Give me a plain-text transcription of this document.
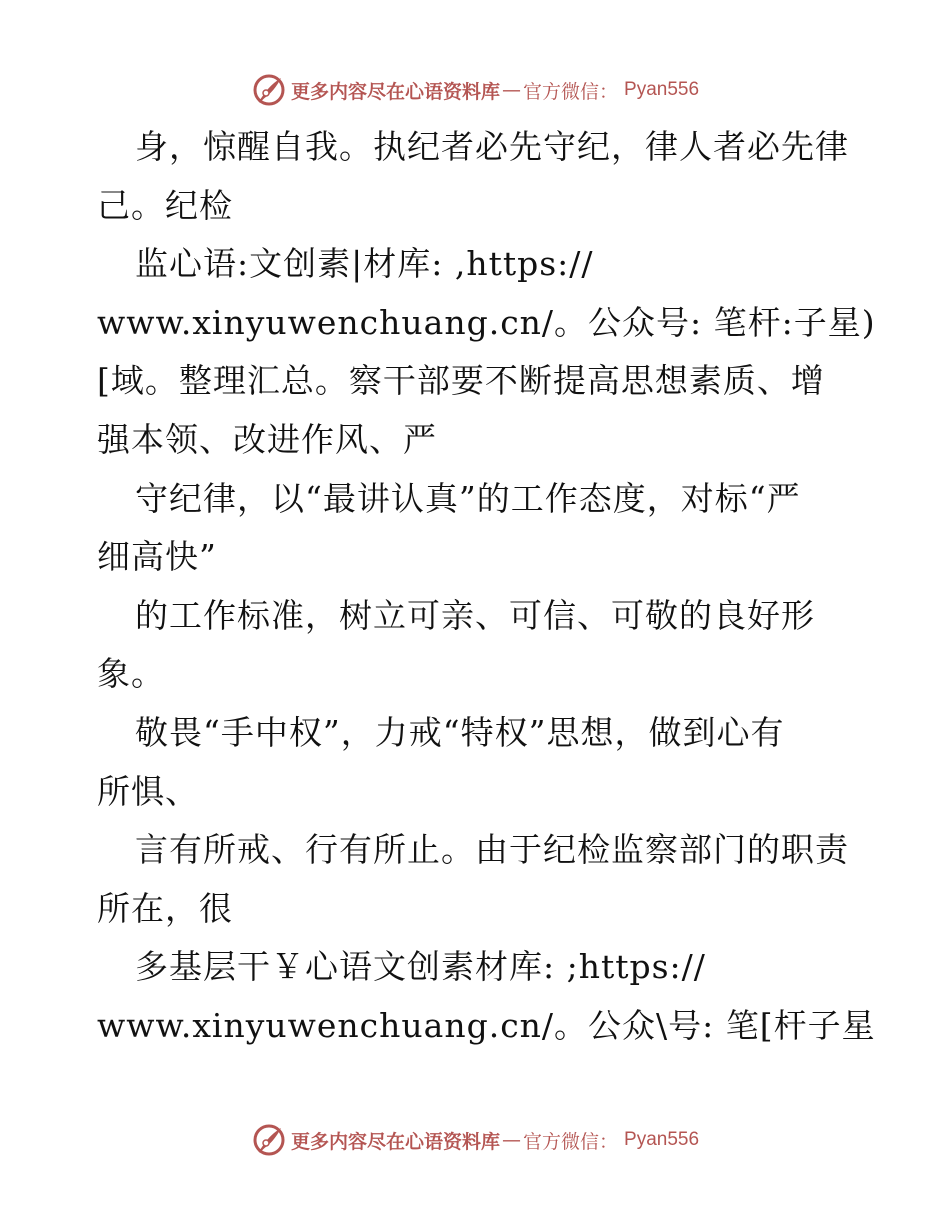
更多内容尽在心语资料库 — 官方微信 ： Pyan556
身，惊醒自我。执纪者必先守纪，律人者必先律
己。纪检
监心语:文创素|材库: ,https://
www.xinyuwenchuang.cn/。公众号: 笔杆:子星)
[域。整理汇总。察干部要不断提高思想素质、增
强本领、改进作风、严
守纪律，以“最讲认真”的工作态度，对标“严
细高快”
的工作标准，树立可亲、可信、可敬的良好形
象。
敬畏“手中权”，力戒“特权”思想，做到心有
所惧、
言有所戒、行有所止。由于纪检监察部门的职责
所在，很
多基层干￥心语文创素材库: ;https://
www.xinyuwenchuang.cn/。公众\号: 笔[杆子星
更多内容尽在心语资料库 — 官方微信 ： Pyan556
